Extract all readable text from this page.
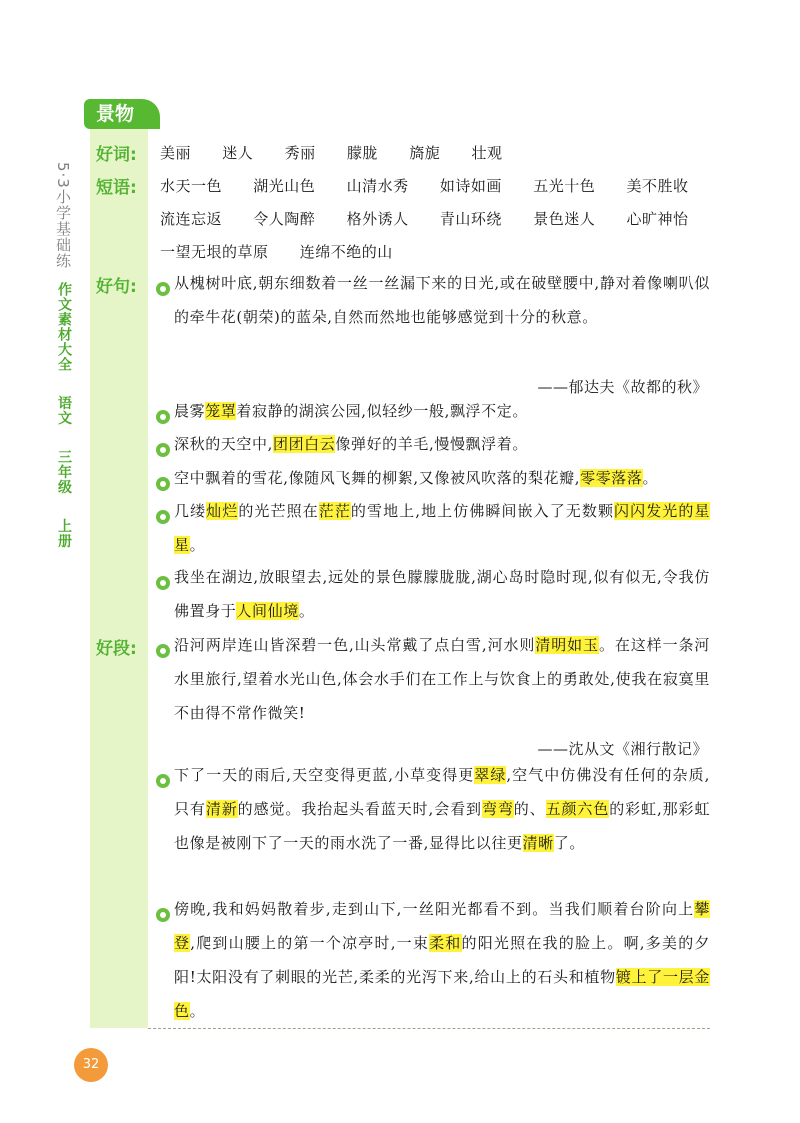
景物
5·3小学基础练
作文素材大全 语文 三年级 上册
好词: 美丽 迷人 秀丽 朦胧 旖旎 壮观
短语: 水天一色 湖光山色 山清水秀 如诗如画 五光十色 美不胜收
流连忘返 令人陶醉 格外诱人 青山环绕 景色迷人 心旷神怡
一望无垠的草原 连绵不绝的山
好句: 从槐树叶底,朝东细数着一丝一丝漏下来的日光,或在破壁腰中,静对着像喇叭似的牵牛花(朝荣)的蓝朵,自然而然地也能够感觉到十分的秋意。
——郁达夫《故都的秋》
晨雾笼罩着寂静的湖滨公园,似轻纱一般,飘浮不定。
深秋的天空中,团团白云像弹好的羊毛,慢慢飘浮着。
空中飘着的雪花,像随风飞舞的柳絮,又像被风吹落的梨花瓣,零零落落。
几缕灿烂的光芒照在茫茫的雪地上,地上仿佛瞬间嵌入了无数颗闪闪发光的星星。
我坐在湖边,放眼望去,远处的景色朦朦胧胧,湖心岛时隐时现,似有似无,令我仿佛置身于人间仙境。
好段: 沿河两岸连山皆深碧一色,山头常戴了点白雪,河水则清明如玉。在这样一条河水里旅行,望着水光山色,体会水手们在工作上与饮食上的勇敢处,使我在寂寞里不由得不常作微笑!
——沈从文《湘行散记》
下了一天的雨后,天空变得更蓝,小草变得更翠绿,空气中仿佛没有任何的杂质,只有清新的感觉。我抬起头看蓝天时,会看到弯弯的、五颜六色的彩虹,那彩虹也像是被刚下了一天的雨水洗了一番,显得比以往更清晰了。
傍晚,我和妈妈散着步,走到山下,一丝阳光都看不到。当我们顺着台阶向上攀登,爬到山腰上的第一个凉亭时,一束柔和的阳光照在我的脸上。啊,多美的夕阳!太阳没有了刺眼的光芒,柔柔的光泻下来,给山上的石头和植物镀上了一层金色。
32
